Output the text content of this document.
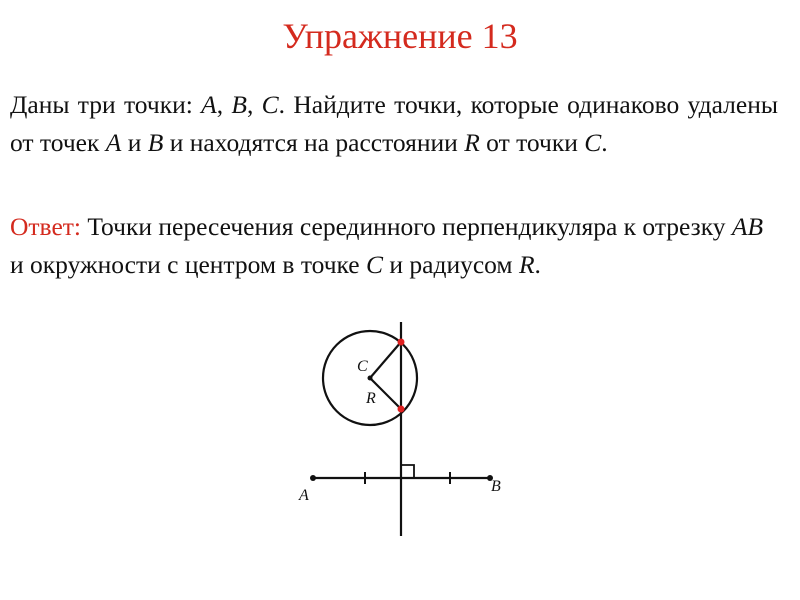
Упражнение 13

Даны три точки: A, B, C. Найдите точки, которые одинаково удалены от точек A и B и находятся на расстоянии R от точки C.

Ответ: Точки пересечения серединного перпендикуляра к отрезку AB и окружности с центром в точке C и радиусом R.

C
R
A
B
